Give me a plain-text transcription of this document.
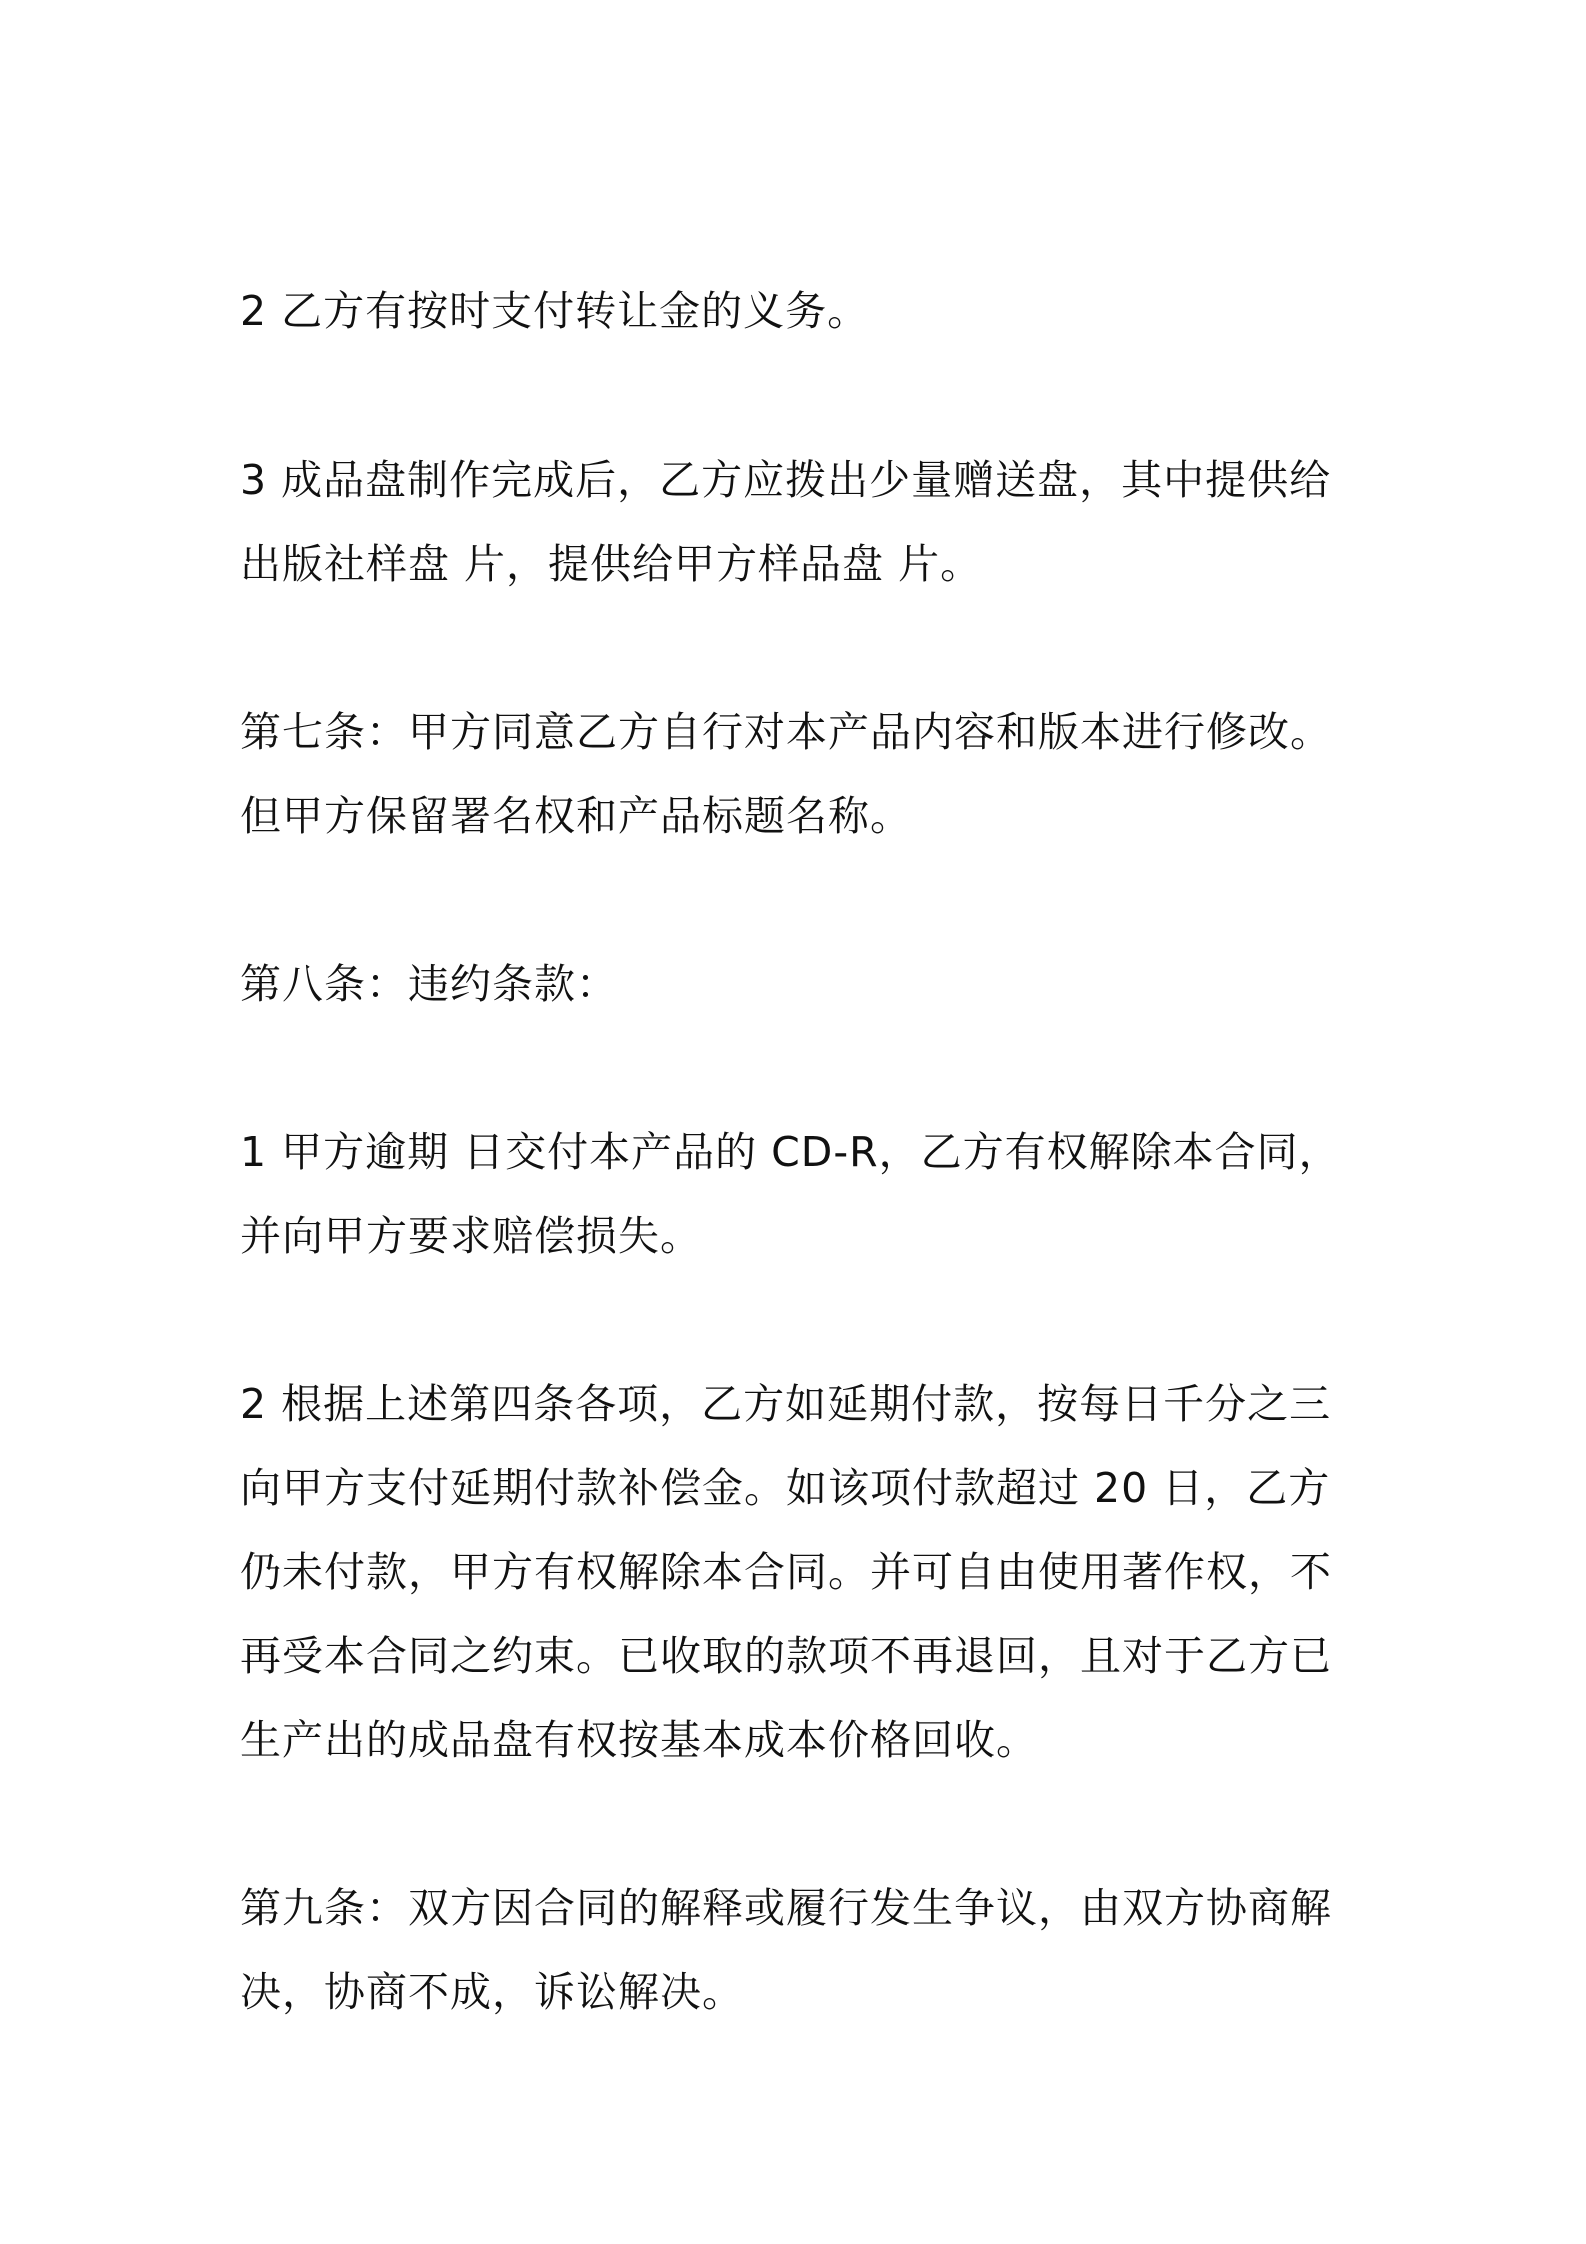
2 乙方有按时支付转让金的义务。

3 成品盘制作完成后，乙方应拨出少量赠送盘，其中提供给
出版社样盘 片，提供给甲方样品盘 片。

第七条：甲方同意乙方自行对本产品内容和版本进行修改。
但甲方保留署名权和产品标题名称。

第八条：违约条款：

1 甲方逾期 日交付本产品的 CD-R，乙方有权解除本合同，
并向甲方要求赔偿损失。

2 根据上述第四条各项，乙方如延期付款，按每日千分之三
向甲方支付延期付款补偿金。如该项付款超过 20 日，乙方
仍未付款，甲方有权解除本合同。并可自由使用著作权，不
再受本合同之约束。已收取的款项不再退回，且对于乙方已
生产出的成品盘有权按基本成本价格回收。

第九条：双方因合同的解释或履行发生争议，由双方协商解
决，协商不成，诉讼解决。
